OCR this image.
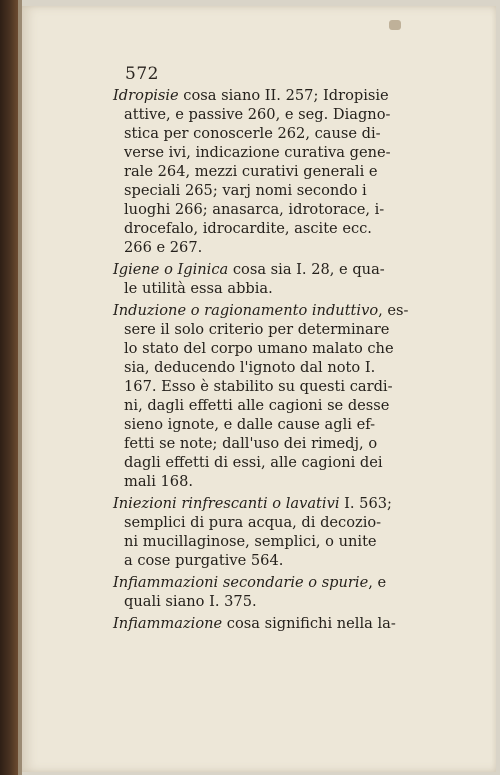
572
Idropisie cosa siano II. 257; Idropisie
attive, e passive 260, e seg. Diagno-
stica per conoscerle 262, cause di-
verse ivi, indicazione curativa gene-
rale 264, mezzi curativi generali e
speciali 265; varj nomi secondo i
luoghi 266; anasarca, idrotorace, i-
drocefalo, idrocardite, ascite ecc.
266 e 267.
Igiene o Iginica cosa sia I. 28, e qua-
le utilità essa abbia.
Induzione o ragionamento induttivo, es-
sere il solo criterio per determinare
lo stato del corpo umano malato che
sia, deducendo l'ignoto dal noto I.
167. Esso è stabilito su questi cardi-
ni, dagli effetti alle cagioni se desse
sieno ignote, e dalle cause agli ef-
fetti se note; dall'uso dei rimedj, o
dagli effetti di essi, alle cagioni dei
mali 168.
Iniezioni rinfrescanti o lavativi I. 563;
semplici di pura acqua, di decozio-
ni mucillaginose, semplici, o unite
a cose purgative 564.
Infiammazioni secondarie o spurie, e
quali siano I. 375.
Infiammazione cosa significhi nella la-
